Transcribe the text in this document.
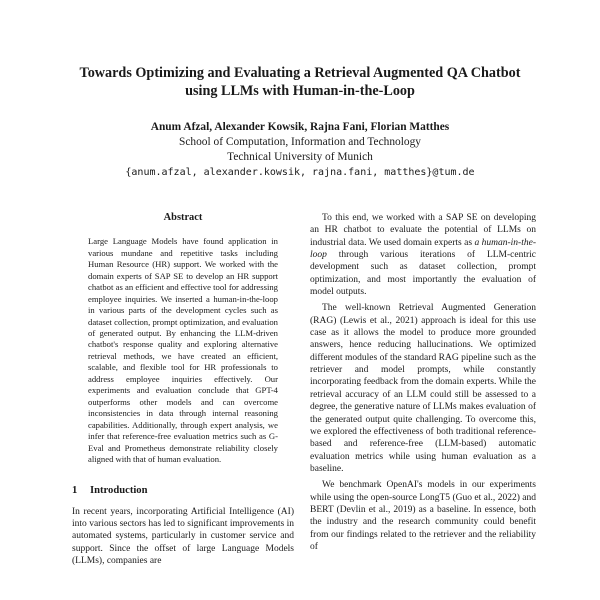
Towards Optimizing and Evaluating a Retrieval Augmented QA Chatbot
using LLMs with Human-in-the-Loop
Anum Afzal, Alexander Kowsik, Rajna Fani, Florian Matthes
School of Computation, Information and Technology
Technical University of Munich
{anum.afzal, alexander.kowsik, rajna.fani, matthes}@tum.de
Abstract
Large Language Models have found application in various mundane and repetitive tasks including Human Resource (HR) support. We worked with the domain experts of SAP SE to develop an HR support chatbot as an efficient and effective tool for addressing employee inquiries. We inserted a human-in-the-loop in various parts of the development cycles such as dataset collection, prompt optimization, and evaluation of generated output. By enhancing the LLM-driven chatbot's response quality and exploring alternative retrieval methods, we have created an efficient, scalable, and flexible tool for HR professionals to address employee inquiries effectively. Our experiments and evaluation conclude that GPT-4 outperforms other models and can overcome inconsistencies in data through internal reasoning capabilities. Additionally, through expert analysis, we infer that reference-free evaluation metrics such as G-Eval and Prometheus demonstrate reliability closely aligned with that of human evaluation.
1 Introduction
In recent years, incorporating Artificial Intelligence (AI) into various sectors has led to significant improvements in automated systems, particularly in customer service and support. Since the offset of large Language Models (LLMs), companies are
To this end, we worked with a SAP SE on developing an HR chatbot to evaluate the potential of LLMs on industrial data. We used domain experts as a human-in-the-loop through various iterations of LLM-centric development such as dataset collection, prompt optimization, and most importantly the evaluation of model outputs.
The well-known Retrieval Augmented Generation (RAG) (Lewis et al., 2021) approach is ideal for this use case as it allows the model to produce more grounded answers, hence reducing hallucinations. We optimized different modules of the standard RAG pipeline such as the retriever and model prompts, while constantly incorporating feedback from the domain experts. While the retrieval accuracy of an LLM could still be assessed to a degree, the generative nature of LLMs makes evaluation of the generated output quite challenging. To overcome this, we explored the effectiveness of both traditional reference-based and reference-free (LLM-based) automatic evaluation metrics while using human evaluation as a baseline.
We benchmark OpenAI's models in our experiments while using the open-source LongT5 (Guo et al., 2022) and BERT (Devlin et al., 2019) as a baseline. In essence, both the industry and the research community could benefit from our findings related to the retriever and the reliability of
